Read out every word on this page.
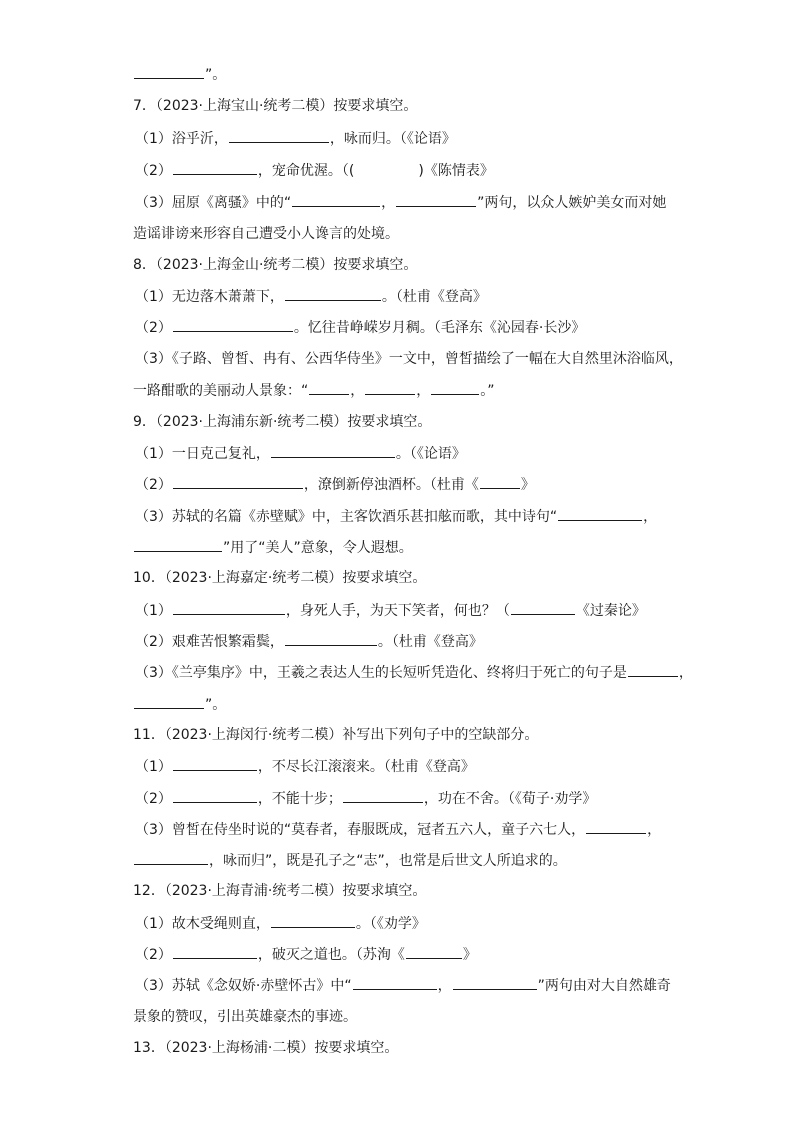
”。
7．（2023·上海宝山·统考二模）按要求填空。
（1）浴乎沂，	，咏而归。（《论语》
（2）	，宠命优渥。（(	)《陈情表》
（3）屈原《离骚》中的“	，	”两句，以众人嫉妒美女而对她
造谣诽谤来形容自己遭受小人谗言的处境。
8．（2023·上海金山·统考二模）按要求填空。
（1）无边落木萧萧下，	。（杜甫《登高》
（2）	。忆往昔峥嵘岁月稠。（毛泽东《沁园春·长沙》
（3）《子路、曾皙、冉有、公西华侍坐》一文中，曾皙描绘了一幅在大自然里沐浴临风，
一路酣歌的美丽动人景象：“	，	，	。”
9．（2023·上海浦东新·统考二模）按要求填空。
（1）一日克己复礼，	。（《论语》
（2）	，潦倒新停浊酒杯。（杜甫《	》
（3）苏轼的名篇《赤壁赋》中，主客饮酒乐甚扣舷而歌，其中诗句“	，
”用了“美人”意象，令人遐想。
10．（2023·上海嘉定·统考二模）按要求填空。
（1）	，身死人手，为天下笑者，何也？（	《过秦论》
（2）艰难苦恨繁霜鬓，	。（杜甫《登高》
（3）《兰亭集序》中，王羲之表达人生的长短听凭造化、终将归于死亡的句子是	，
”。
11．（2023·上海闵行·统考二模）补写出下列句子中的空缺部分。
（1）	，不尽长江滚滚来。（杜甫《登高》
（2）	，不能十步；	，功在不舍。（《荀子·劝学》
（3）曾皙在侍坐时说的“莫春者，春服既成，冠者五六人，童子六七人，	，
，咏而归”，既是孔子之“志”，也常是后世文人所追求的。
12．（2023·上海青浦·统考二模）按要求填空。
（1）故木受绳则直，	。（《劝学》
（2）	，破灭之道也。（苏洵《	》
（3）苏轼《念奴娇·赤壁怀古》中“	，	”两句由对大自然雄奇
景象的赞叹，引出英雄豪杰的事迹。
13．（2023·上海杨浦·二模）按要求填空。
